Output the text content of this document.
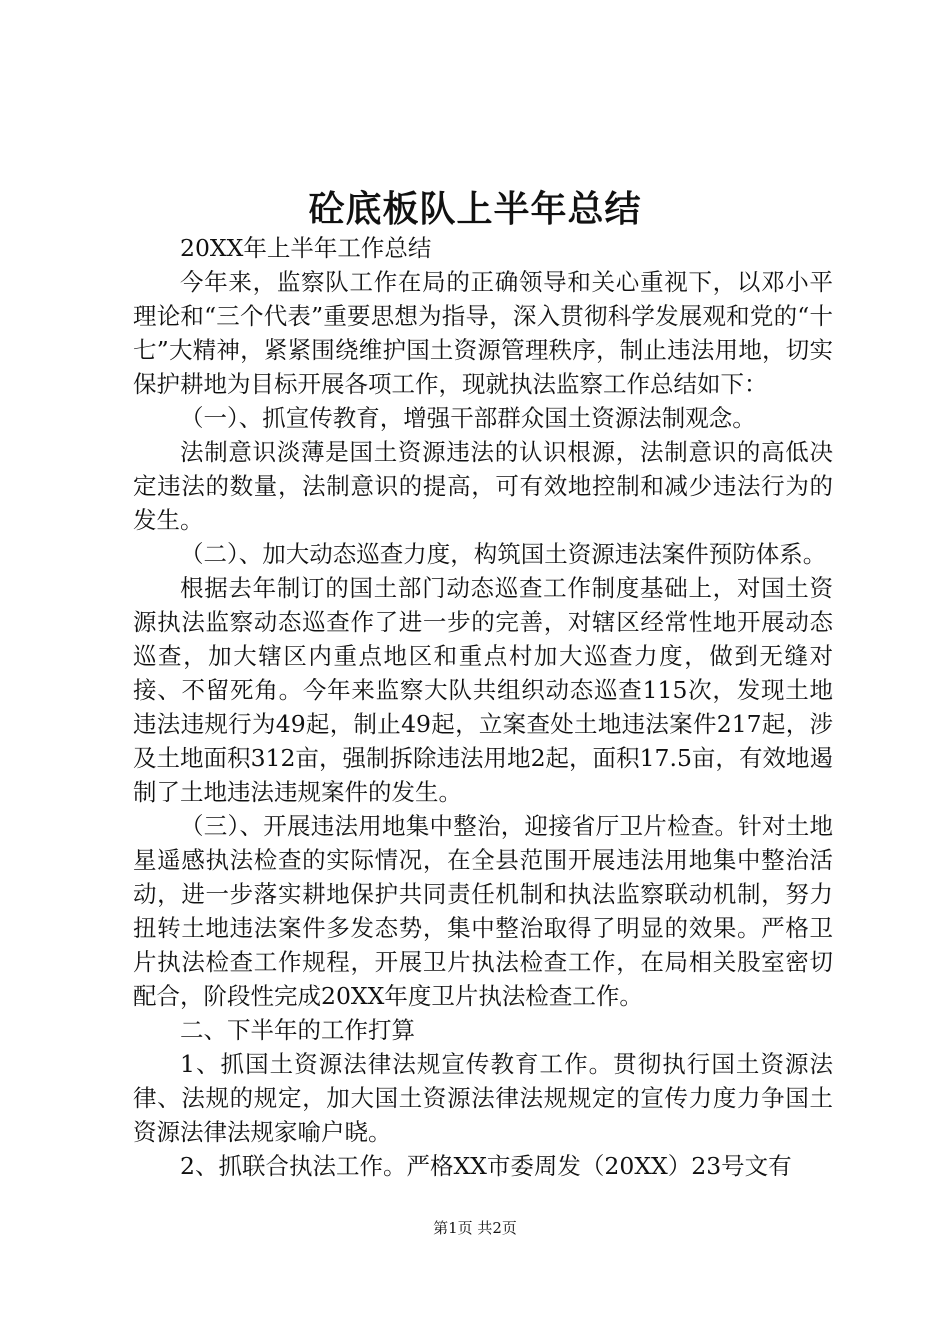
砼底板队上半年总结

20XX年上半年工作总结

今年来，监察队工作在局的正确领导和关心重视下，以邓小平理论和“三个代表”重要思想为指导，深入贯彻科学发展观和党的“十七”大精神，紧紧围绕维护国土资源管理秩序，制止违法用地，切实保护耕地为目标开展各项工作，现就执法监察工作总结如下：

（一）、抓宣传教育，增强干部群众国土资源法制观念。

法制意识淡薄是国土资源违法的认识根源，法制意识的高低决定违法的数量，法制意识的提高，可有效地控制和减少违法行为的发生。

（二）、加大动态巡查力度，构筑国土资源违法案件预防体系。

根据去年制订的国土部门动态巡查工作制度基础上，对国土资源执法监察动态巡查作了进一步的完善，对辖区经常性地开展动态巡查，加大辖区内重点地区和重点村加大巡查力度，做到无缝对接、不留死角。今年来监察大队共组织动态巡查115次，发现土地违法违规行为49起，制止49起，立案查处土地违法案件217起，涉及土地面积312亩，强制拆除违法用地2起，面积17.5亩，有效地遏制了土地违法违规案件的发生。

（三）、开展违法用地集中整治，迎接省厅卫片检查。针对土地星遥感执法检查的实际情况，在全县范围开展违法用地集中整治活动，进一步落实耕地保护共同责任机制和执法监察联动机制，努力扭转土地违法案件多发态势，集中整治取得了明显的效果。严格卫片执法检查工作规程，开展卫片执法检查工作，在局相关股室密切配合，阶段性完成20XX年度卫片执法检查工作。

二、下半年的工作打算

1、抓国土资源法律法规宣传教育工作。贯彻执行国土资源法律、法规的规定，加大国土资源法律法规规定的宣传力度力争国土资源法律法规家喻户晓。

2、抓联合执法工作。严格XX市委周发（20XX）23号文有

第1页 共2页
